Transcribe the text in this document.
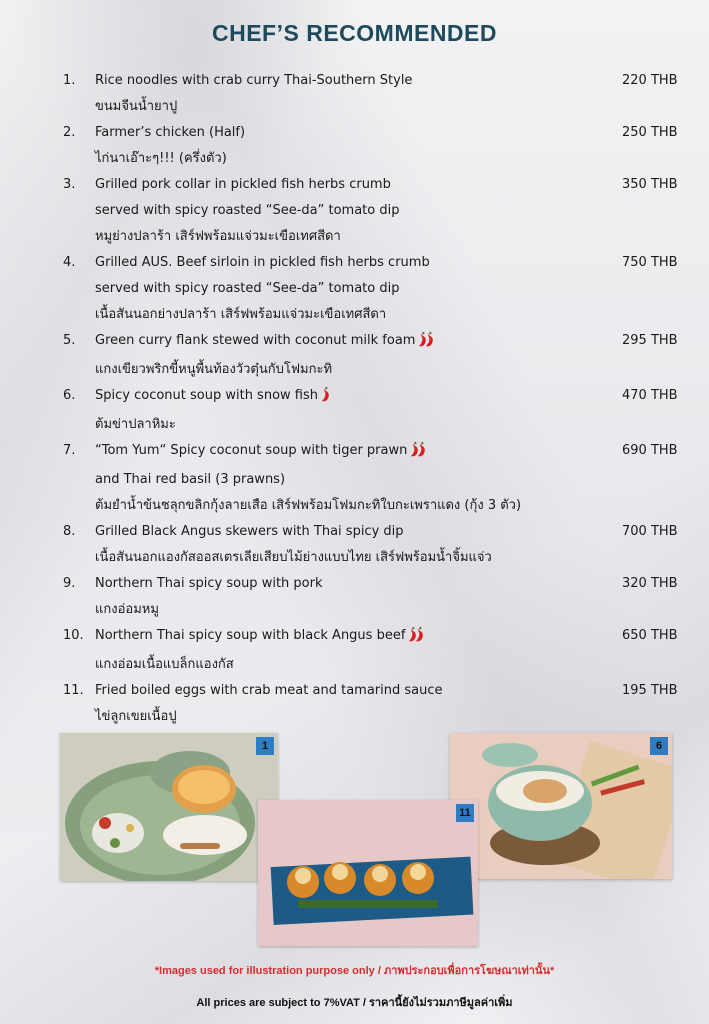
CHEF’S RECOMMENDED
1. Rice noodles with crab curry Thai-Southern Style
ขนมจีนน้ำยาปู
220 THB
2. Farmer’s chicken (Half)
ไก่นาเอ๊าะๆ!!! (ครึ่งตัว)
250 THB
3. Grilled pork collar in pickled fish herbs crumb
served with spicy roasted “See-da” tomato dip
หมูย่างปลาร้า เสิร์ฟพร้อมแจ่วมะเขือเทศสีดา
350 THB
4. Grilled AUS. Beef sirloin in pickled fish herbs crumb
served with spicy roasted “See-da” tomato dip
เนื้อสันนอกย่างปลาร้า เสิร์ฟพร้อมแจ่วมะเขือเทศสีดา
750 THB
5. Green curry flank stewed with coconut milk foam
แกงเขียวพริกขี้หนูพื้นท้องวัวตุ๋นกับโฟมกะทิ
295 THB
6. Spicy coconut soup with snow fish
ต้มข่าปลาหิมะ
470 THB
7. “Tom Yum“ Spicy coconut soup with tiger prawn
and Thai red basil (3 prawns)
ต้มยำน้ำข้นชลุกขลิกกุ้งลายเสือ เสิร์ฟพร้อมโฟมกะทิใบกะเพราแดง (กุ้ง 3 ตัว)
690 THB
8. Grilled Black Angus skewers with Thai spicy dip
เนื้อสันนอกแองกัสออสเตรเลียเสียบไม้ย่างแบบไทย เสิร์ฟพร้อมน้ำจิ้มแจ่ว
700 THB
9. Northern Thai spicy soup with pork
แกงอ่อมหมู
320 THB
10. Northern Thai spicy soup with black Angus beef
แกงอ่อมเนื้อแบล็กแองกัส
650 THB
11. Fried boiled eggs with crab meat and tamarind sauce
ไข่ลูกเขยเนื้อปู
195 THB
1	6
11
*Images used for illustration purpose only / ภาพประกอบเพื่อการโฆษณาเท่านั้น*
All prices are subject to 7%VAT / ราคานี้ยังไม่รวมภาษีมูลค่าเพิ่ม
